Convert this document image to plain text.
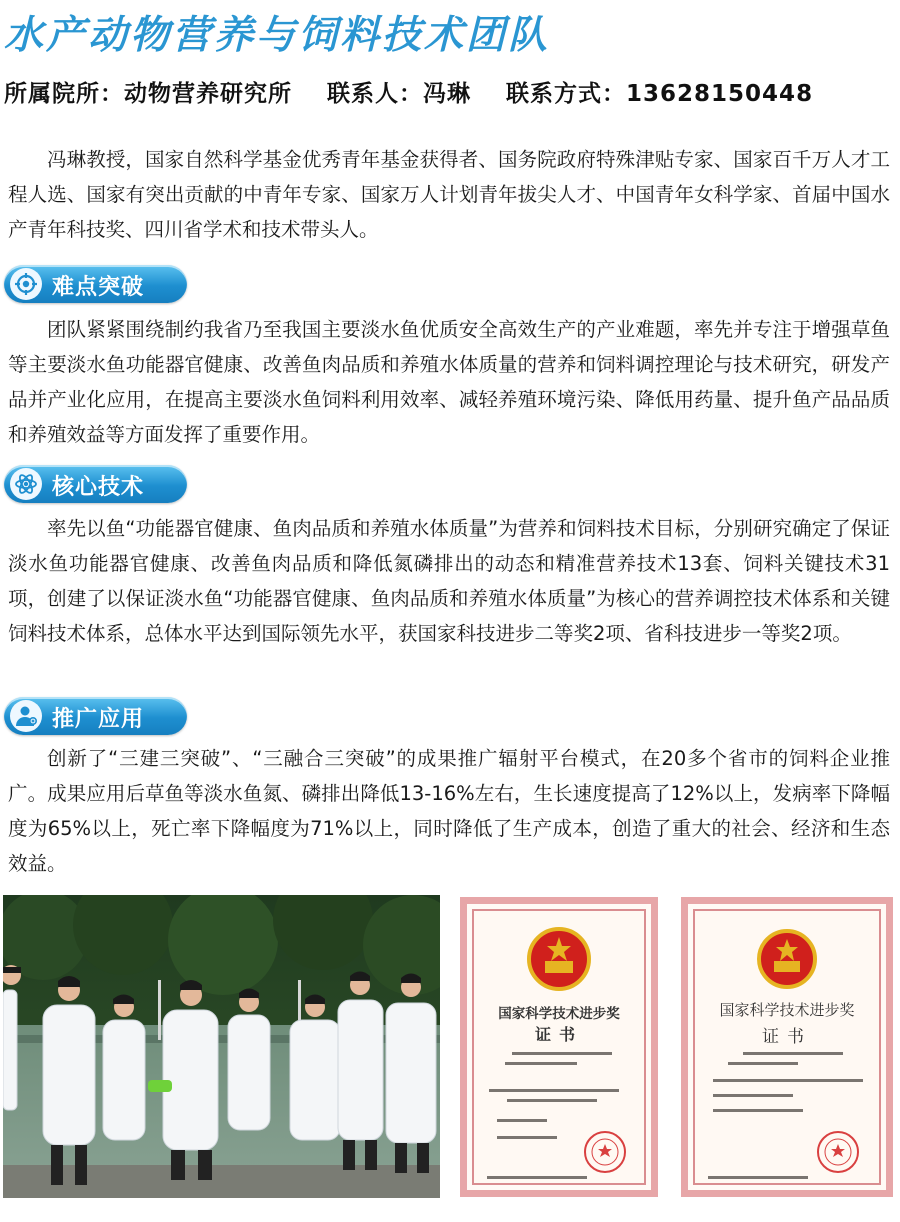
水产动物营养与饲料技术团队
所属院所：动物营养研究所 联系人：冯琳 联系方式：13628150448

冯琳教授，国家自然科学基金优秀青年基金获得者、国务院政府特殊津贴专家、国家百千万人才工程人选、国家有突出贡献的中青年专家、国家万人计划青年拔尖人才、中国青年女科学家、首届中国水产青年科技奖、四川省学术和技术带头人。

难点突破

团队紧紧围绕制约我省乃至我国主要淡水鱼优质安全高效生产的产业难题，率先并专注于增强草鱼等主要淡水鱼功能器官健康、改善鱼肉品质和养殖水体质量的营养和饲料调控理论与技术研究，研发产品并产业化应用，在提高主要淡水鱼饲料利用效率、减轻养殖环境污染、降低用药量、提升鱼产品品质和养殖效益等方面发挥了重要作用。

核心技术

率先以鱼“功能器官健康、鱼肉品质和养殖水体质量”为营养和饲料技术目标，分别研究确定了保证淡水鱼功能器官健康、改善鱼肉品质和降低氮磷排出的动态和精准营养技术13套、饲料关键技术31项，创建了以保证淡水鱼“功能器官健康、鱼肉品质和养殖水体质量”为核心的营养调控技术体系和关键饲料技术体系，总体水平达到国际领先水平，获国家科技进步二等奖2项、省科技进步一等奖2项。

推广应用

创新了“三建三突破”、“三融合三突破”的成果推广辐射平台模式，在20多个省市的饲料企业推广。成果应用后草鱼等淡水鱼氮、磷排出降低13-16%左右，生长速度提高了12%以上，发病率下降幅度为65%以上，死亡率下降幅度为71%以上，同时降低了生产成本，创造了重大的社会、经济和生态效益。

国家科学技术进步奖
证书
国家科学技术进步奖
证书
